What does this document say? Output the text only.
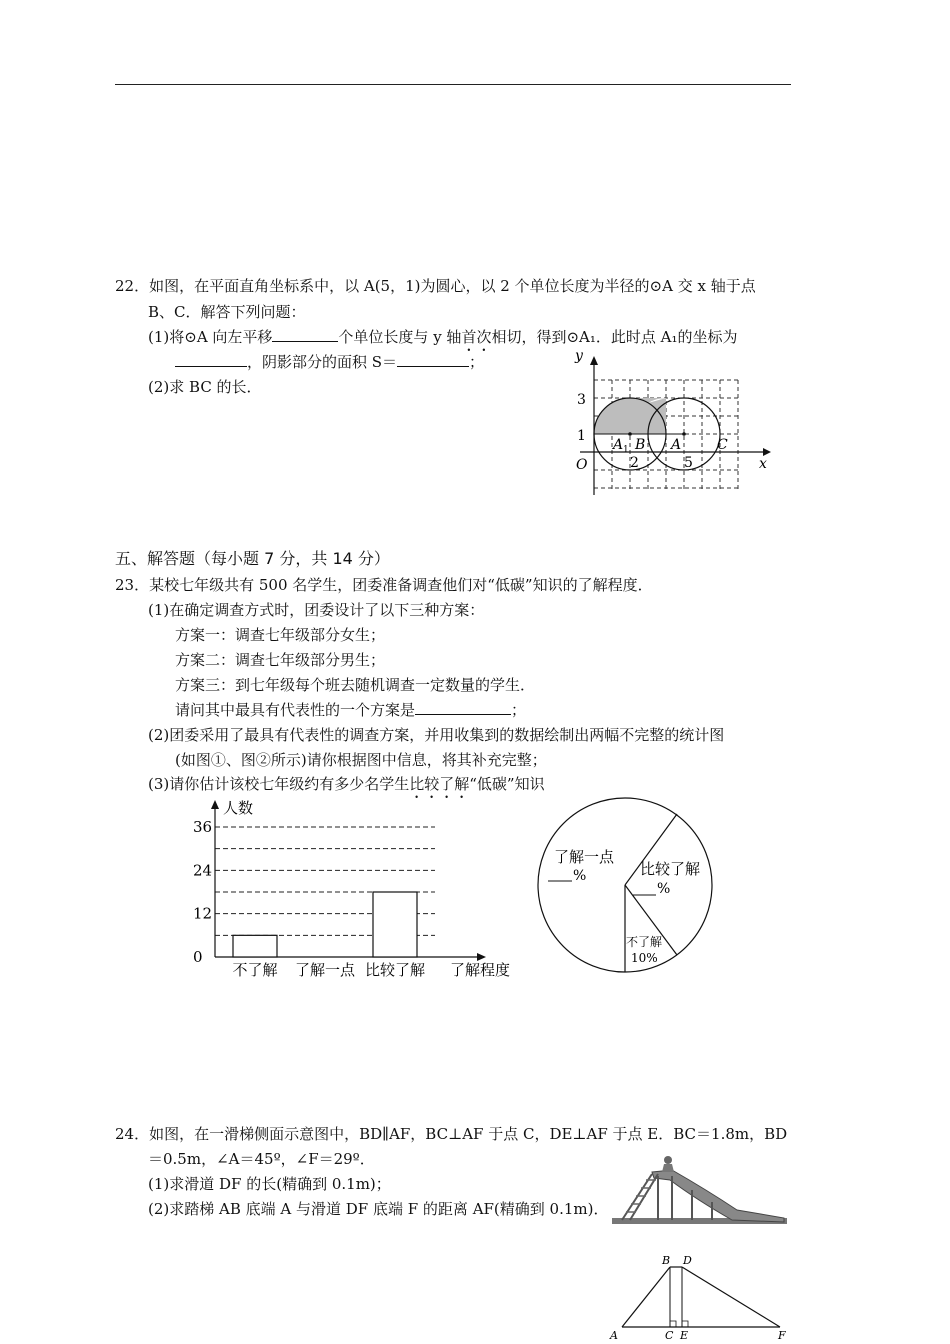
22．如图，在平面直角坐标系中，以 A(5，1)为圆心，以 2 个单位长度为半径的⊙A 交 x 轴于点
B、C．解答下列问题：
(1)将⊙A 向左平移	个单位长度与 y 轴首次相切，得到⊙A₁．此时点 A₁的坐标为
，阴影部分的面积 S＝	；
(2)求 BC 的长．
y
x
O
3
1
2	5
A 1 B A	C
五、解答题（每小题 7 分，共 14 分）
23．某校七年级共有 500 名学生，团委准备调查他们对“低碳”知识的了解程度．
(1)在确定调查方式时，团委设计了以下三种方案：
方案一：调查七年级部分女生；
方案二：调查七年级部分男生；
方案三：到七年级每个班去随机调查一定数量的学生．
请问其中最具有代表性的一个方案是	；
(2)团委采用了最具有代表性的调查方案，并用收集到的数据绘制出两幅不完整的统计图
(如图①、图②所示)请你根据图中信息，将其补充完整；
(3)请你估计该校七年级约有多少名学生比较了解“低碳”知识
0
12
24
36
不了解 了解一点 比较了解
人数
了解程度
了解一点
%	比较了解
%
不了解
10%
24．如图，在一滑梯侧面示意图中，BD∥AF，BC⊥AF 于点 C，DE⊥AF 于点 E．BC＝1.8m，BD
＝0.5m，∠A＝45º，∠F＝29º．
(1)求滑道 DF 的长(精确到 0.1m)；
(2)求踏梯 AB 底端 A 与滑道 DF 底端 F 的距离 AF(精确到 0.1m)．
B D
A	C E	F
